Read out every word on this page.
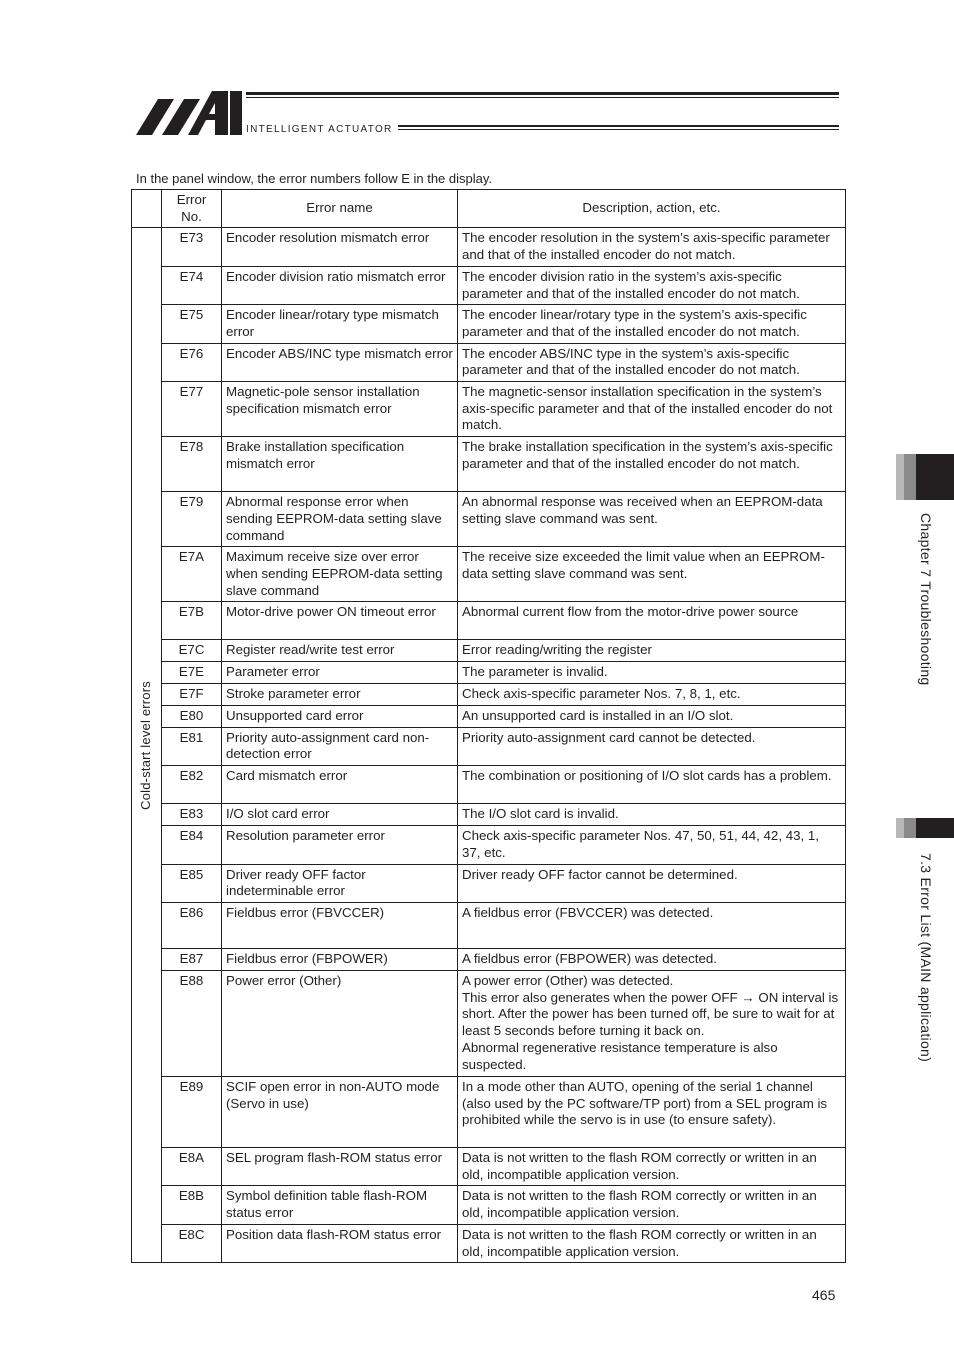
INTELLIGENT ACTUATOR
In the panel window, the error numbers follow E in the display.
	Error No.	Error name	Description, action, etc.

Cold-start level errors	E73	Encoder resolution mismatch error	The encoder resolution in the system’s axis-specific parameter and that of the installed encoder do not match.
	E74	Encoder division ratio mismatch error	The encoder division ratio in the system’s axis-specific parameter and that of the installed encoder do not match.
	E75	Encoder linear/rotary type mismatch error	The encoder linear/rotary type in the system’s axis-specific parameter and that of the installed encoder do not match.
	E76	Encoder ABS/INC type mismatch error	The encoder ABS/INC type in the system’s axis-specific parameter and that of the installed encoder do not match.
	E77	Magnetic-pole sensor installation specification mismatch error	The magnetic-sensor installation specification in the system’s axis-specific parameter and that of the installed encoder do not match.
	E78	Brake installation specification mismatch error	The brake installation specification in the system’s axis-specific parameter and that of the installed encoder do not match.
	E79	Abnormal response error when sending EEPROM-data setting slave command	An abnormal response was received when an EEPROM-data setting slave command was sent.
	E7A	Maximum receive size over error when sending EEPROM-data setting slave command	The receive size exceeded the limit value when an EEPROM-data setting slave command was sent.
	E7B	Motor-drive power ON timeout error	Abnormal current flow from the motor-drive power source
	E7C	Register read/write test error	Error reading/writing the register
	E7E	Parameter error	The parameter is invalid.
	E7F	Stroke parameter error	Check axis-specific parameter Nos. 7, 8, 1, etc.
	E80	Unsupported card error	An unsupported card is installed in an I/O slot.
	E81	Priority auto-assignment card non-detection error	Priority auto-assignment card cannot be detected.
	E82	Card mismatch error	The combination or positioning of I/O slot cards has a problem.
	E83	I/O slot card error	The I/O slot card is invalid.
	E84	Resolution parameter error	Check axis-specific parameter Nos. 47, 50, 51, 44, 42, 43, 1, 37, etc.
	E85	Driver ready OFF factor indeterminable error	Driver ready OFF factor cannot be determined.
	E86	Fieldbus error (FBVCCER)	A fieldbus error (FBVCCER) was detected.
	E87	Fieldbus error (FBPOWER)	A fieldbus error (FBPOWER) was detected.
	E88	Power error (Other)	A power error (Other) was detected.
This error also generates when the power OFF → ON interval is short. After the power has been turned off, be sure to wait for at least 5 seconds before turning it back on.
Abnormal regenerative resistance temperature is also suspected.
	E89	SCIF open error in non-AUTO mode (Servo in use)	In a mode other than AUTO, opening of the serial 1 channel (also used by the PC software/TP port) from a SEL program is prohibited while the servo is in use (to ensure safety).
	E8A	SEL program flash-ROM status error	Data is not written to the flash ROM correctly or written in an old, incompatible application version.
	E8B	Symbol definition table flash-ROM status error	Data is not written to the flash ROM correctly or written in an old, incompatible application version.
	E8C	Position data flash-ROM status error	Data is not written to the flash ROM correctly or written in an old, incompatible application version.
Chapter 7 Troubleshooting
7.3 Error List (MAIN application)
465
